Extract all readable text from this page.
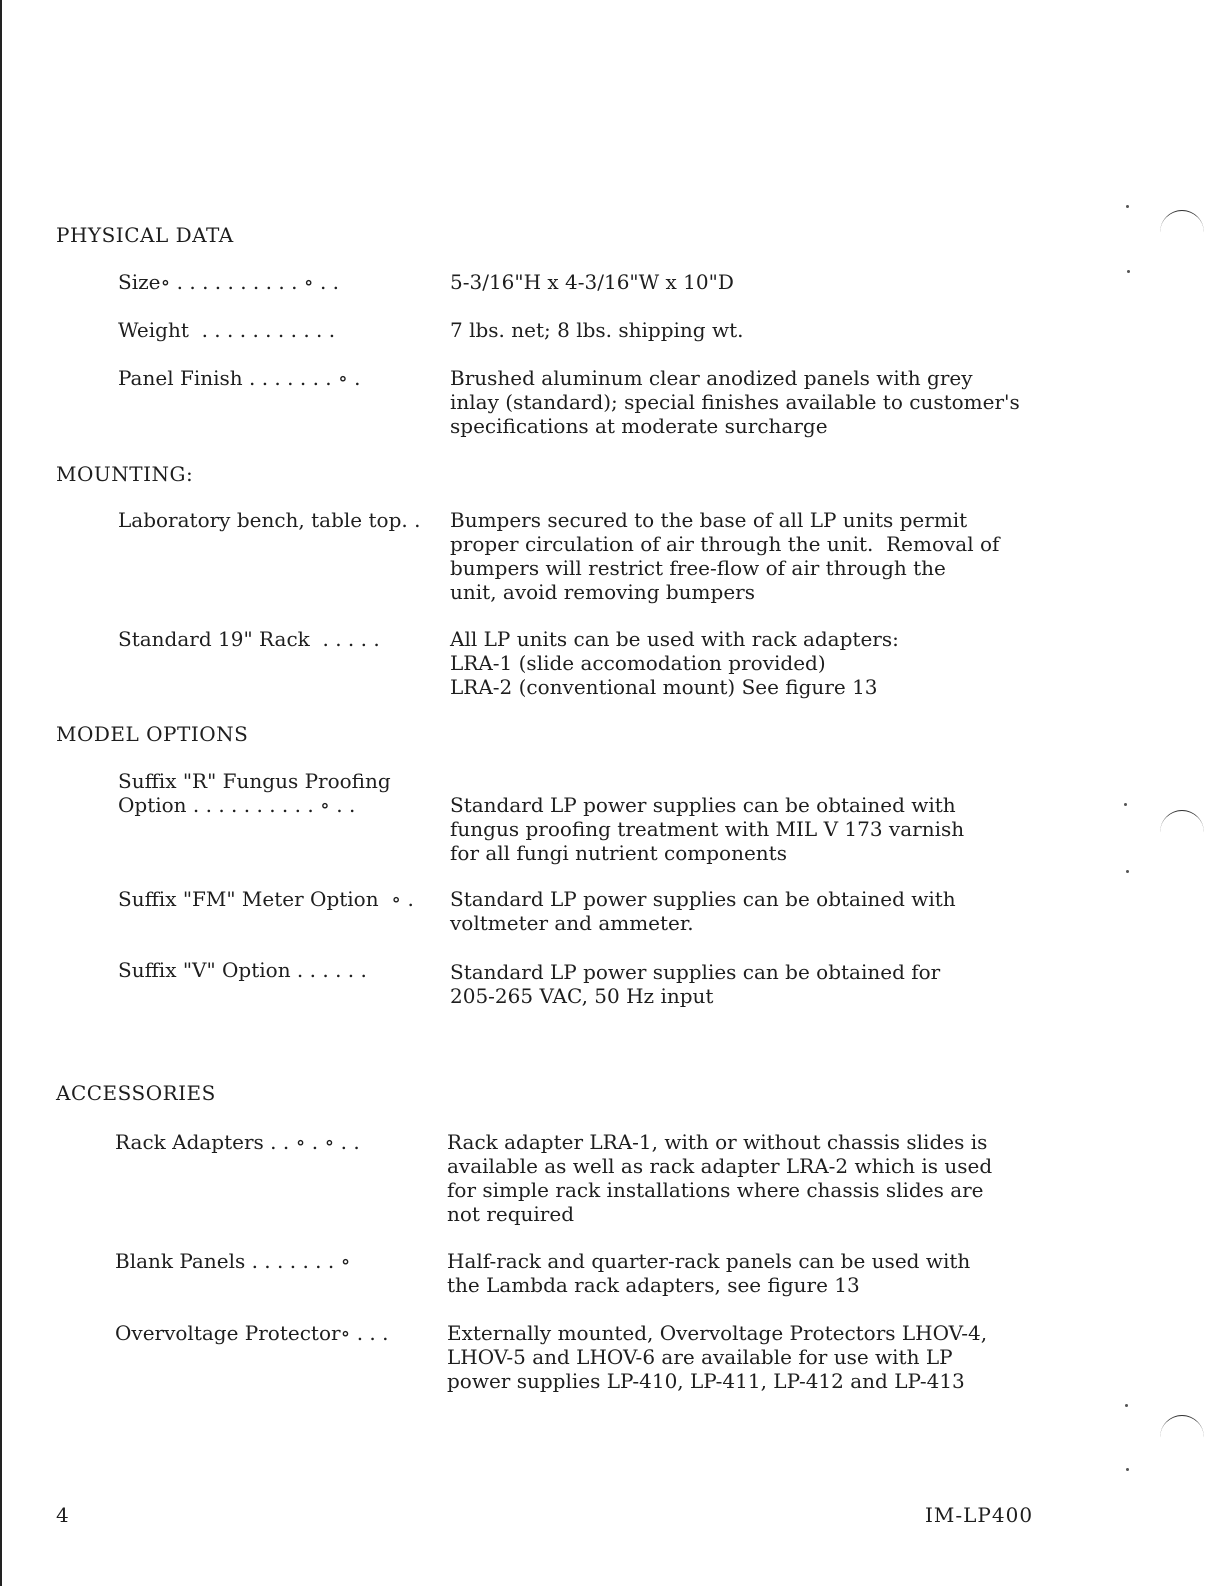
PHYSICAL DATA
Size∘ . . . . . . . . . . ∘ . .	5-3/16"H x 4-3/16"W x 10"D
Weight  . . . . . . . . . . .	7 lbs. net; 8 lbs. shipping wt.
Panel Finish . . . . . . . ∘ .	Brushed aluminum clear anodized panels with grey
inlay (standard); special finishes available to customer's
specifications at moderate surcharge
MOUNTING:
Laboratory bench, table top. . Bumpers secured to the base of all LP units permit
proper circulation of air through the unit.  Removal of
bumpers will restrict free-flow of air through the
unit, avoid removing bumpers
Standard 19" Rack  . . . . .	All LP units can be used with rack adapters:
LRA-1 (slide accomodation provided)
LRA-2 (conventional mount) See figure 13
MODEL OPTIONS
Suffix "R" Fungus Proofing
Option . . . . . . . . . . ∘ . .	Standard LP power supplies can be obtained with
fungus proofing treatment with MIL V 173 varnish
for all fungi nutrient components
Suffix "FM" Meter Option  ∘ . Standard LP power supplies can be obtained with
voltmeter and ammeter.
Suffix "V" Option . . . . . .	Standard LP power supplies can be obtained for
205-265 VAC, 50 Hz input
ACCESSORIES
Rack Adapters . . ∘ . ∘ . .	Rack adapter LRA-1, with or without chassis slides is
available as well as rack adapter LRA-2 which is used
for simple rack installations where chassis slides are
not required
Blank Panels . . . . . . . ∘	Half-rack and quarter-rack panels can be used with
the Lambda rack adapters, see figure 13
Overvoltage Protector∘ . . .	Externally mounted, Overvoltage Protectors LHOV-4,
LHOV-5 and LHOV-6 are available for use with LP
power supplies LP-410, LP-411, LP-412 and LP-413
4	IM-LP400
